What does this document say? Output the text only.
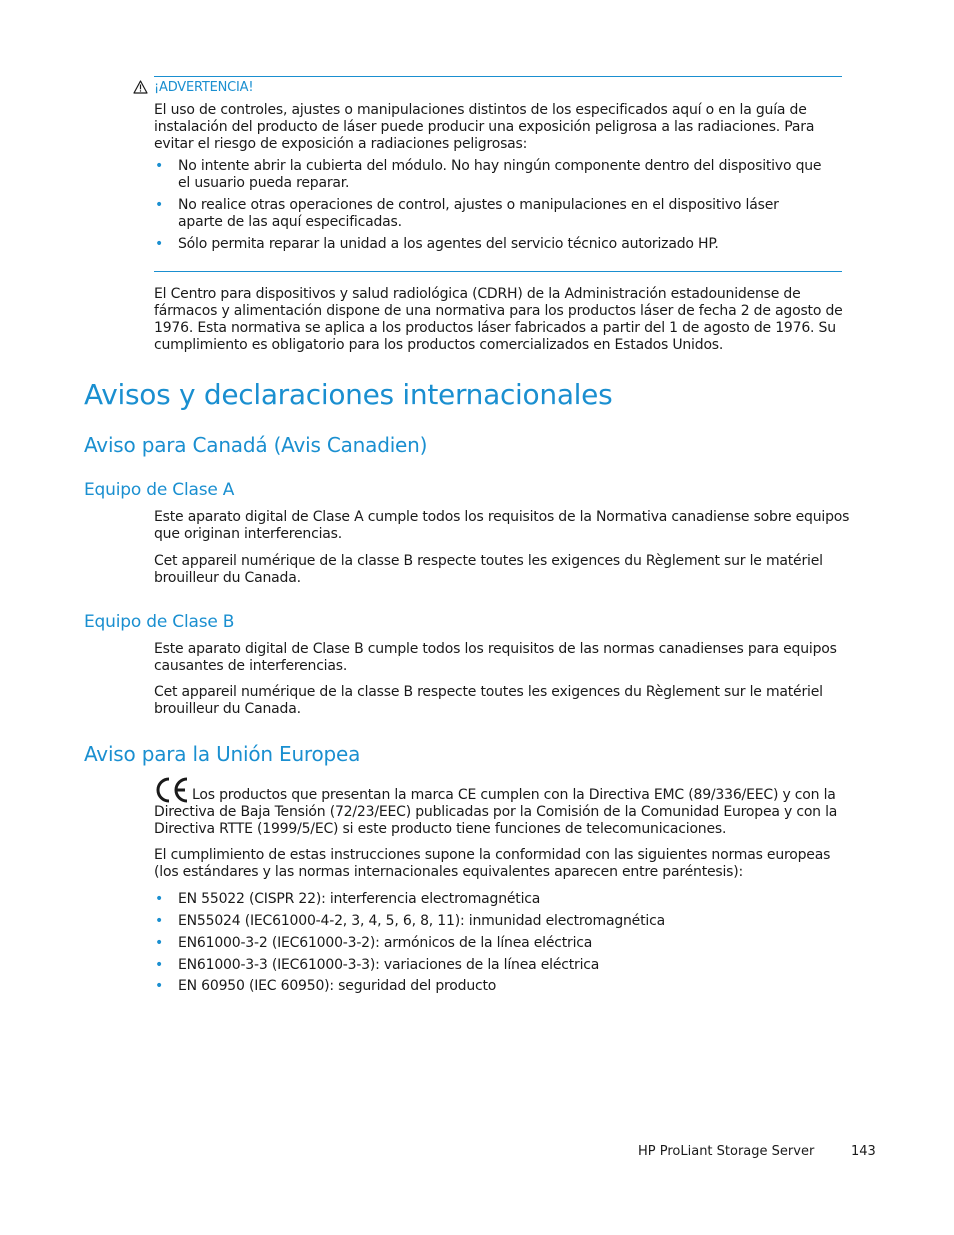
¡ADVERTENCIA!
El uso de controles, ajustes o manipulaciones distintos de los especificados aquí o en la guía de instalación del producto de láser puede producir una exposición peligrosa a las radiaciones. Para evitar el riesgo de exposición a radiaciones peligrosas:
• No intente abrir la cubierta del módulo. No hay ningún componente dentro del dispositivo que el usuario pueda reparar.
• No realice otras operaciones de control, ajustes o manipulaciones en el dispositivo láser aparte de las aquí especificadas.
• Sólo permita reparar la unidad a los agentes del servicio técnico autorizado HP.
El Centro para dispositivos y salud radiológica (CDRH) de la Administración estadounidense de fármacos y alimentación dispone de una normativa para los productos láser de fecha 2 de agosto de 1976. Esta normativa se aplica a los productos láser fabricados a partir del 1 de agosto de 1976. Su cumplimiento es obligatorio para los productos comercializados en Estados Unidos.
Avisos y declaraciones internacionales
Aviso para Canadá (Avis Canadien)
Equipo de Clase A
Este aparato digital de Clase A cumple todos los requisitos de la Normativa canadiense sobre equipos que originan interferencias.
Cet appareil numérique de la classe B respecte toutes les exigences du Règlement sur le matériel brouilleur du Canada.
Equipo de Clase B
Este aparato digital de Clase B cumple todos los requisitos de las normas canadienses para equipos causantes de interferencias.
Cet appareil numérique de la classe B respecte toutes les exigences du Règlement sur le matériel brouilleur du Canada.
Aviso para la Unión Europea
Los productos que presentan la marca CE cumplen con la Directiva EMC (89/336/EEC) y con la Directiva de Baja Tensión (72/23/EEC) publicadas por la Comisión de la Comunidad Europea y con la Directiva RTTE (1999/5/EC) si este producto tiene funciones de telecomunicaciones.
El cumplimiento de estas instrucciones supone la conformidad con las siguientes normas europeas (los estándares y las normas internacionales equivalentes aparecen entre paréntesis):
• EN 55022 (CISPR 22): interferencia electromagnética
• EN55024 (IEC61000-4-2, 3, 4, 5, 6, 8, 11): inmunidad electromagnética
• EN61000-3-2 (IEC61000-3-2): armónicos de la línea eléctrica
• EN61000-3-3 (IEC61000-3-3): variaciones de la línea eléctrica
• EN 60950 (IEC 60950): seguridad del producto
HP ProLiant Storage Server	143
